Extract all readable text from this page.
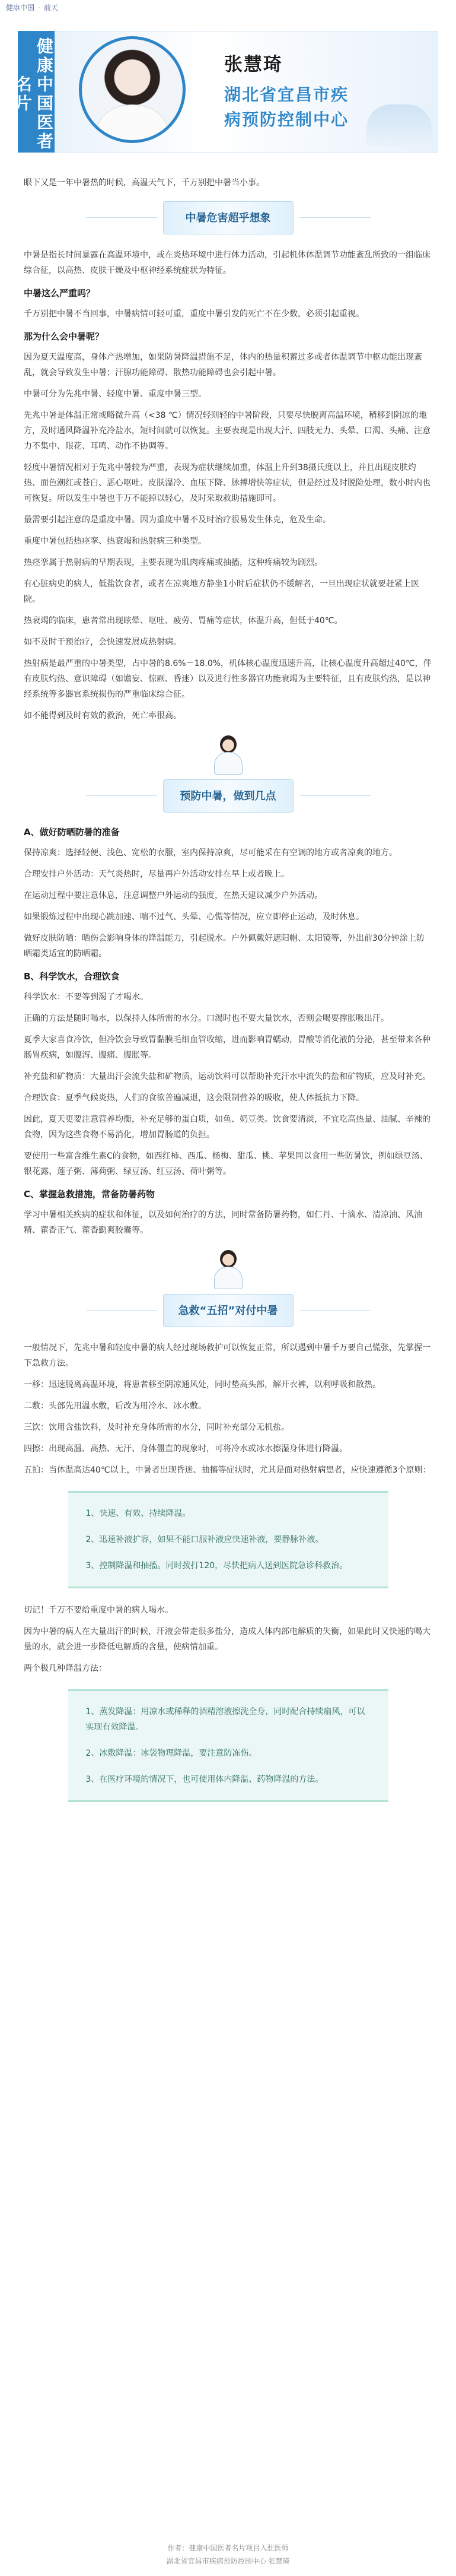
健康中国 · 前天
健康中国医者名片
张慧琦
湖北省宜昌市疾
病预防控制中心

眼下又是一年中暑热的时候，高温天气下，千万别把中暑当小事。

中暑危害超乎想象

中暑是指长时间暴露在高温环境中，或在炎热环境中进行体力活动，引起机体体温调节功能紊乱所致的一组临床综合征，以高热、皮肤干燥及中枢神经系统症状为特征。

中暑这么严重吗？

千万别把中暑不当回事，中暑病情可轻可重，重度中暑引发的死亡不在少数，必须引起重视。

那为什么会中暑呢？

因为夏天温度高，身体产热增加，如果防暑降温措施不足，体内的热量积蓄过多或者体温调节中枢功能出现紊乱，就会导致发生中暑；汗腺功能障碍、散热功能障碍也会引起中暑。

中暑可分为先兆中暑、轻度中暑、重度中暑三型。

先兆中暑是体温正常或略微升高（<38 ℃）情况轻则轻的中暑阶段，只要尽快脱离高温环境，稍移到阴凉的地方，及时通风降温补充冷盐水，短时间就可以恢复。主要表现是出现大汗、四肢无力、头晕、口渴、头痛、注意力不集中、眼花、耳鸣、动作不协调等。

轻度中暑情况相对于先兆中暑较为严重，表现为症状继续加重，体温上升到38摄氏度以上，并且出现皮肤灼热、面色潮红或苍白、恶心呕吐、皮肤湿冷、血压下降、脉搏增快等症状，但是经过及时脱险处理，数小时内也可恢复。所以发生中暑也千万不能掉以轻心，及时采取救助措施即可。

最需要引起注意的是重度中暑。因为重度中暑不及时治疗很易发生休克，危及生命。

重度中暑包括热痉挛、热衰竭和热射病三种类型。

热痉挛属于热射病的早期表现，主要表现为肌肉疼痛或抽搐，这种疼痛较为剧烈。

有心脏病史的病人，低盐饮食者，或者在凉爽地方静坐1小时后症状仍不缓解者，一旦出现症状就要赶紧上医院。

热衰竭的临床，患者常出现眩晕、呕吐、疲劳、胃痛等症状，体温升高，但低于40℃。

如不及时干预治疗，会快速发展成热射病。

热射病是最严重的中暑类型，占中暑的8.6%－18.0%，机体核心温度迅速升高，让核心温度升高超过40℃，伴有皮肤灼热、意识障碍（如谵妄、惊厥、昏迷）以及进行性多器官功能衰竭为主要特征，且有皮肤灼热，是以神经系统等多器官系统损伤的严重临床综合征。

如不能得到及时有效的救治，死亡率很高。

预防中暑，做到几点
A、做好防晒防暑的准备

保持凉爽：选择轻便、浅色、宽松的衣服，室内保持凉爽，尽可能采在有空调的地方或者凉爽的地方。

合理安排户外活动：天气炎热时，尽量再户外活动安排在早上或者晚上。

在运动过程中要注意休息，注意调整户外运动的强度，在热天建议减少户外活动。

如果锻炼过程中出现心跳加速、喘不过气、头晕、心慌等情况，应立即停止运动，及时休息。

做好皮肤防晒：晒伤会影响身体的降温能力，引起脱水。户外佩戴好遮阳帽、太阳镜等，外出前30分钟涂上防晒霜类适宜的防晒霜。

B、科学饮水，合理饮食

科学饮水：不要等到渴了才喝水。

正确的方法是随时喝水，以保持人体所需的水分。口渴时也不要大量饮水，否则会喝要撑胀吸出汗。

夏季大家喜食冷饮，但冷饮会导致胃黏膜毛细血管收缩，进而影响胃蠕动，胃酸等消化液的分泌，甚至带来各种肠胃疾病，如腹泻、腹痛、腹胀等。

补充盐和矿物质：大量出汗会流失盐和矿物质，运动饮料可以帮助补充汗水中流失的盐和矿物质，应及时补充。

合理饮食：夏季气候炎热，人们的食欲普遍减退，这会限制营养的吸收，使人体抵抗力下降。

因此，夏天更要注意营养均衡，补充足够的蛋白质，如鱼、奶豆类。饮食要清淡，不宜吃高热量、油腻、辛辣的食物，因为这些食物不易消化，增加胃肠道的负担。

要使用一些富含维生素C的食物，如西红柿、西瓜、杨梅、甜瓜、桃、苹果同以食用一些防暑饮，例如绿豆汤、银花露、莲子粥、薄荷粥、绿豆汤、红豆汤、荷叶粥等。

C、掌握急救措施，常备防暑药物

学习中暑相关疾病的症状和体征，以及如何治疗的方法，同时常备防暑药物，如仁丹、十滴水、清凉油、风油精、藿香正气、藿香勤爽胶囊等。

急救“五招”对付中暑

一般情况下，先兆中暑和轻度中暑的病人经过现场救护可以恢复正常，所以遇到中暑千万要自己慌张，先掌握一下急救方法。

一移：迅速脱离高温环境，将患者移至阴凉通风处，同时垫高头部，解开衣裤，以利呼吸和散热。

二敷：头部先用温水敷，后改为用冷水、冰水敷。

三饮：饮用含盐饮料，及时补充身体所需的水分，同时补充部分无机盐。

四擦：出现高温、高热、无汗、身体僵直的现象时，可将冷水或冰水擦湿身体进行降温。

五拍：当体温高达40℃以上，中暑者出现昏迷、抽搐等症状时，尤其是面对热射病患者，应快速遵循3个原则：

1、快速、有效、持续降温。
2、迅速补液扩容，如果不能口服补液应快速补液，要静脉补液。
3、控制降温和抽搐。同时拨打120，尽快把病人送到医院急诊科救治。

切记！千万不要给重度中暑的病人喝水。

因为中暑的病人在大量出汗的时候，汗液会带走很多盐分，造成人体内部电解质的失衡，如果此时又快速的喝大量的水，就会进一步降低电解质的含量，使病情加重。

两个极几种降温方法：

1、蒸发降温：用凉水或稀释的酒精溶液擦洗全身，同时配合持续扇风，可以实现有效降温。
2、冰敷降温：冰袋物理降温，要注意防冻伤。
3、在医疗环境的情况下，也可使用体内降温、药物降温的方法。
作者：健康中国医者名片项目入驻医师
湖北省宜昌市疾病预防控制中心 张慧琦
